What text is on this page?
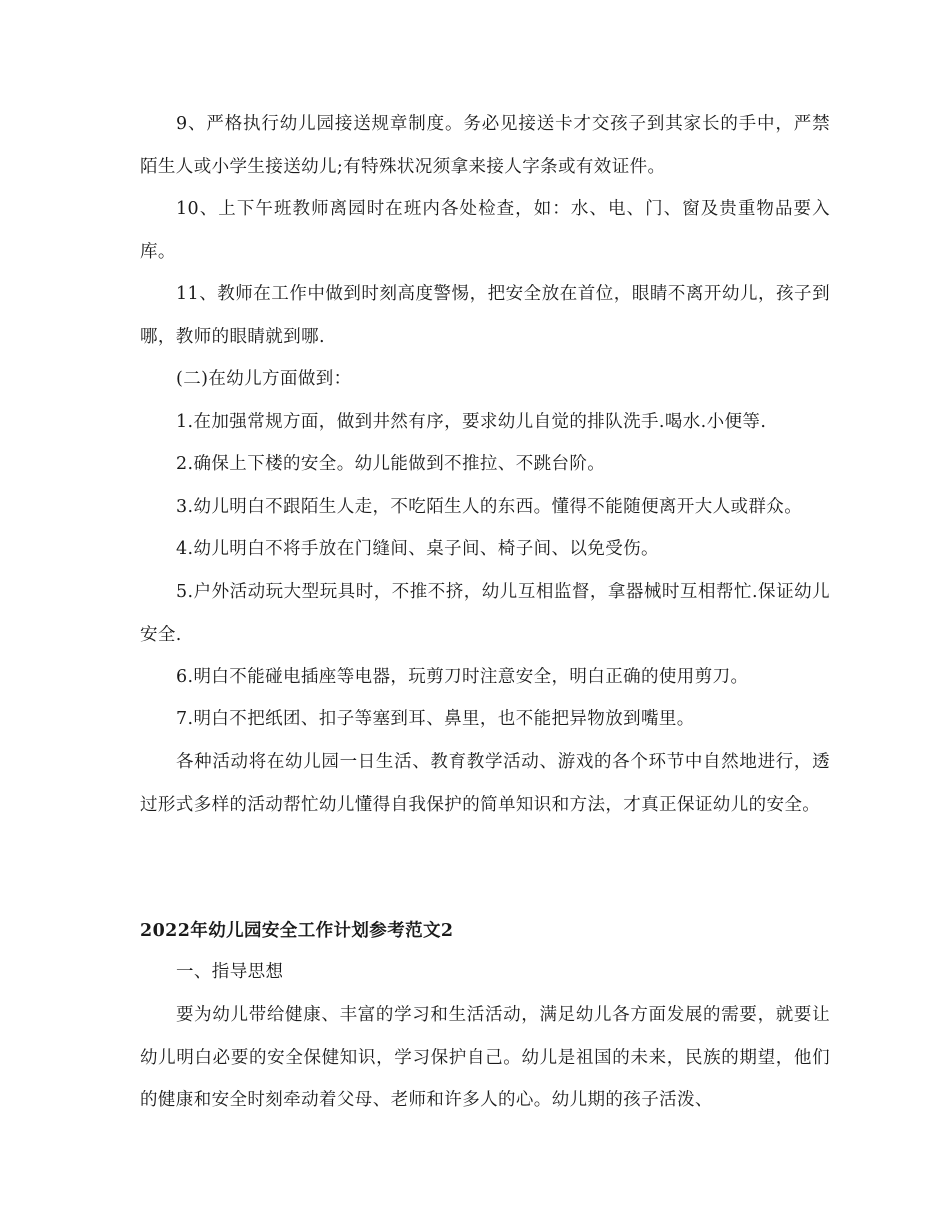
9、严格执行幼儿园接送规章制度。务必见接送卡才交孩子到其家长的手中，严禁陌生人或小学生接送幼儿;有特殊状况须拿来接人字条或有效证件。

10、上下午班教师离园时在班内各处检查，如：水、电、门、窗及贵重物品要入库。

11、教师在工作中做到时刻高度警惕，把安全放在首位，眼睛不离开幼儿，孩子到哪，教师的眼睛就到哪.

(二)在幼儿方面做到：

1.在加强常规方面，做到井然有序，要求幼儿自觉的排队洗手.喝水.小便等.

2.确保上下楼的安全。幼儿能做到不推拉、不跳台阶。

3.幼儿明白不跟陌生人走，不吃陌生人的东西。懂得不能随便离开大人或群众。

4.幼儿明白不将手放在门缝间、桌子间、椅子间、以免受伤。

5.户外活动玩大型玩具时，不推不挤，幼儿互相监督，拿器械时互相帮忙.保证幼儿安全.

6.明白不能碰电插座等电器，玩剪刀时注意安全，明白正确的使用剪刀。

7.明白不把纸团、扣子等塞到耳、鼻里，也不能把异物放到嘴里。

各种活动将在幼儿园一日生活、教育教学活动、游戏的各个环节中自然地进行，透过形式多样的活动帮忙幼儿懂得自我保护的简单知识和方法，才真正保证幼儿的安全。

2022年幼儿园安全工作计划参考范文2

一、指导思想

要为幼儿带给健康、丰富的学习和生活活动，满足幼儿各方面发展的需要，就要让幼儿明白必要的安全保健知识，学习保护自己。幼儿是祖国的未来，民族的期望，他们的健康和安全时刻牵动着父母、老师和许多人的心。幼儿期的孩子活泼、
